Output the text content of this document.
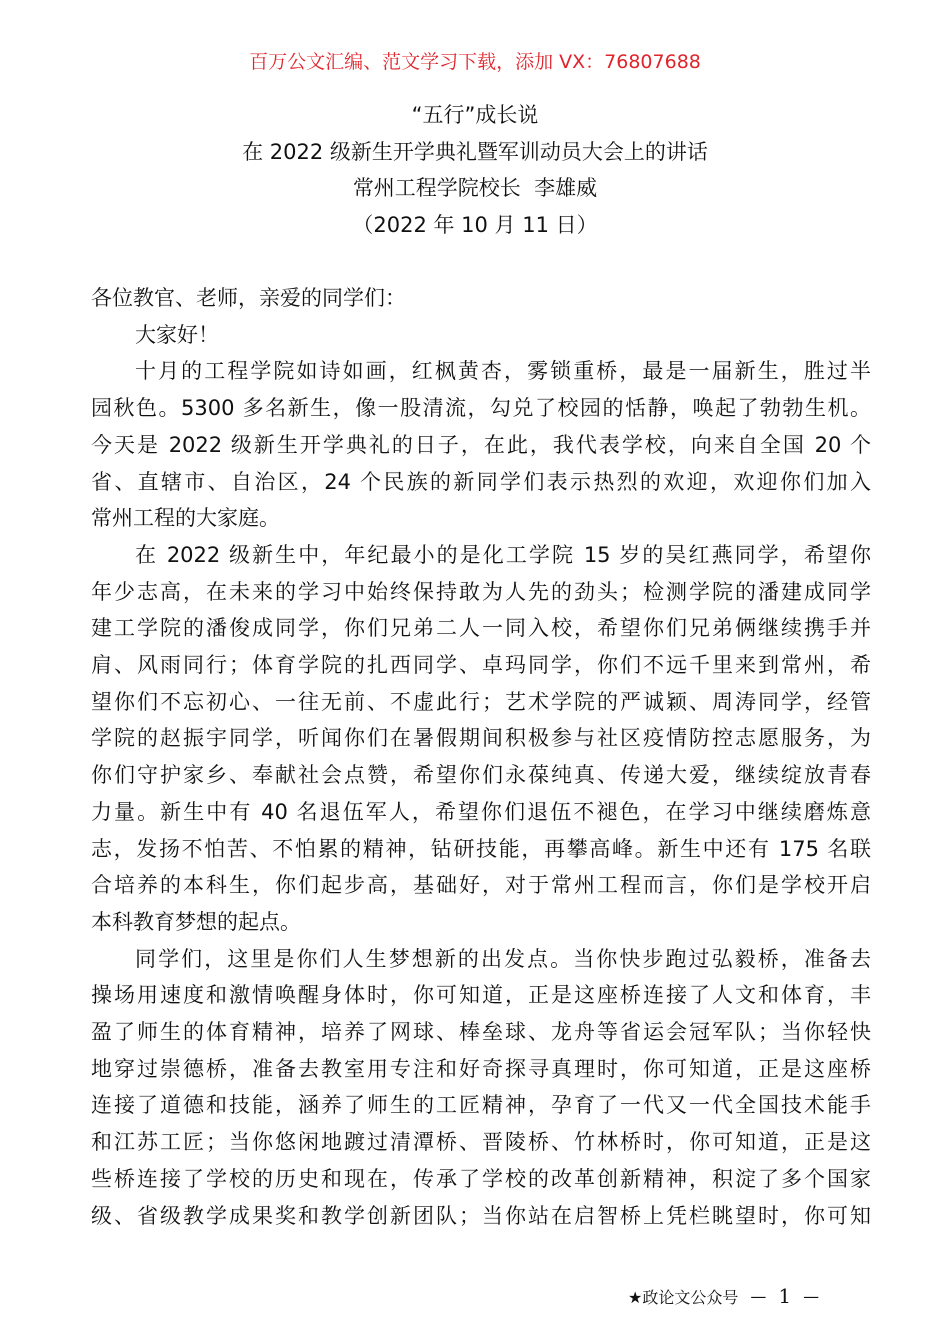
百万公文汇编、范文学习下载，添加 VX：76807688
“五行”成长说
在 2022 级新生开学典礼暨军训动员大会上的讲话
常州工程学院校长  李雄威
（2022 年 10 月 11 日）
各位教官、老师，亲爱的同学们：
大家好！
十月的工程学院如诗如画，红枫黄杏，雾锁重桥，最是一届新生，胜过半
园秋色。5300 多名新生，像一股清流，勾兑了校园的恬静，唤起了勃勃生机。
今天是 2022 级新生开学典礼的日子，在此，我代表学校，向来自全国 20 个
省、直辖市、自治区，24 个民族的新同学们表示热烈的欢迎，欢迎你们加入
常州工程的大家庭。
在 2022 级新生中，年纪最小的是化工学院 15 岁的吴红燕同学，希望你
年少志高，在未来的学习中始终保持敢为人先的劲头；检测学院的潘建成同学
建工学院的潘俊成同学，你们兄弟二人一同入校，希望你们兄弟俩继续携手并
肩、风雨同行；体育学院的扎西同学、卓玛同学，你们不远千里来到常州，希
望你们不忘初心、一往无前、不虚此行；艺术学院的严诚颖、周涛同学，经管
学院的赵振宇同学，听闻你们在暑假期间积极参与社区疫情防控志愿服务，为
你们守护家乡、奉献社会点赞，希望你们永葆纯真、传递大爱，继续绽放青春
力量。新生中有 40 名退伍军人，希望你们退伍不褪色，在学习中继续磨炼意
志，发扬不怕苦、不怕累的精神，钻研技能，再攀高峰。新生中还有 175 名联
合培养的本科生，你们起步高，基础好，对于常州工程而言，你们是学校开启
本科教育梦想的起点。
同学们，这里是你们人生梦想新的出发点。当你快步跑过弘毅桥，准备去
操场用速度和激情唤醒身体时，你可知道，正是这座桥连接了人文和体育，丰
盈了师生的体育精神，培养了网球、棒垒球、龙舟等省运会冠军队；当你轻快
地穿过崇德桥，准备去教室用专注和好奇探寻真理时，你可知道，正是这座桥
连接了道德和技能，涵养了师生的工匠精神，孕育了一代又一代全国技术能手
和江苏工匠；当你悠闲地踱过清潭桥、晋陵桥、竹林桥时，你可知道，正是这
些桥连接了学校的历史和现在，传承了学校的改革创新精神，积淀了多个国家
级、省级教学成果奖和教学创新团队；当你站在启智桥上凭栏眺望时，你可知
★政论文公众号 — 1 —
